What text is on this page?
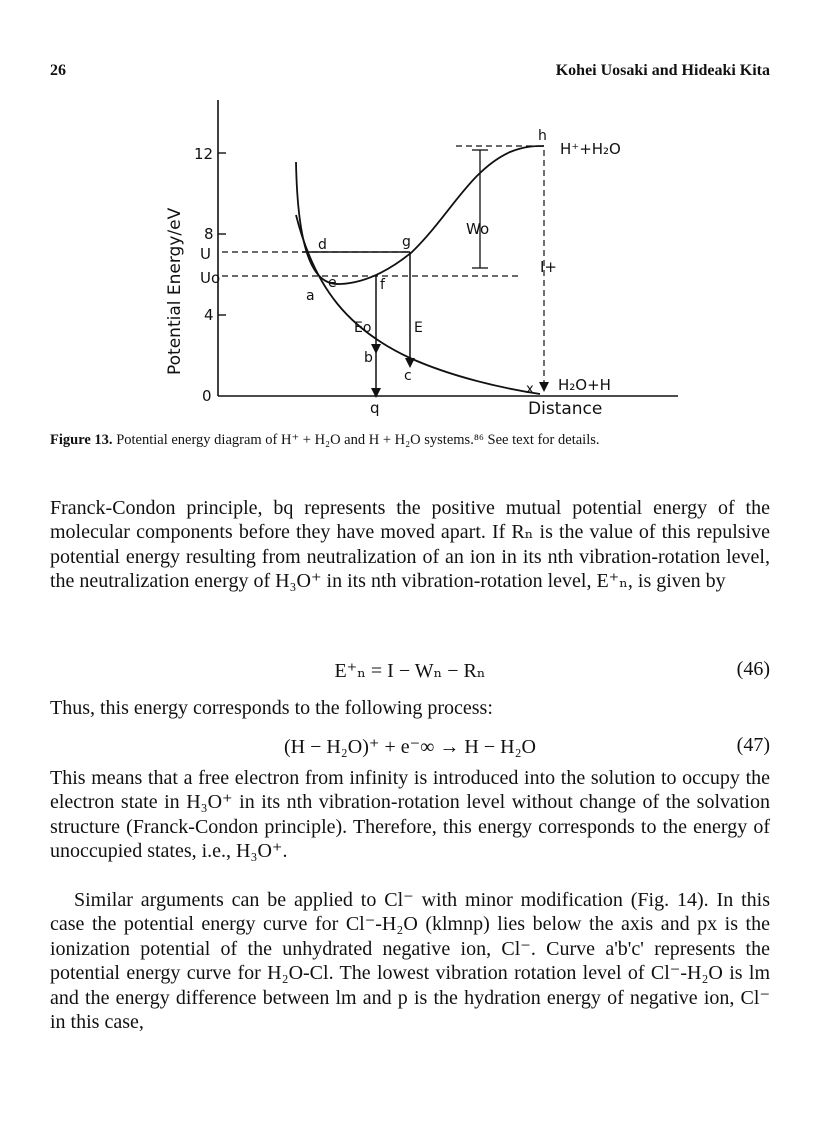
26	Kohei Uosaki and Hideaki Kita
0
4
8
12
U
Uo
Potential Energy/eV	a
b
c
d
e	f
g
h
x
Wo
I+
Eo	E
H⁺+H₂O
H₂O+H
q	Distance
Figure 13. Potential energy diagram of H⁺ + H₂O and H + H₂O systems.⁸⁶ See text for details.
Franck-Condon principle, bq represents the positive mutual potential energy of the molecular components before they have moved apart. If Rₙ is the value of this repulsive potential energy resulting from neutralization of an ion in its nth vibration-rotation level, the neutralization energy of H₃O⁺ in its nth vibration-rotation level, E⁺ₙ, is given by
E⁺ₙ = I − Wₙ − Rₙ	(46)
Thus, this energy corresponds to the following process:
(H − H₂O)⁺ + e⁻∞ → H − H₂O	(47)
This means that a free electron from infinity is introduced into the solution to occupy the electron state in H₃O⁺ in its nth vibration-rotation level without change of the solvation structure (Franck-Condon principle). Therefore, this energy corresponds to the energy of unoccupied states, i.e., H₃O⁺.
Similar arguments can be applied to Cl⁻ with minor modification (Fig. 14). In this case the potential energy curve for Cl⁻-H₂O (klmnp) lies below the axis and px is the ionization potential of the unhydrated negative ion, Cl⁻. Curve a'b'c' represents the potential energy curve for H₂O-Cl. The lowest vibration rotation level of Cl⁻-H₂O is lm and the energy difference between lm and p is the hydration energy of negative ion, Cl⁻ in this case,
